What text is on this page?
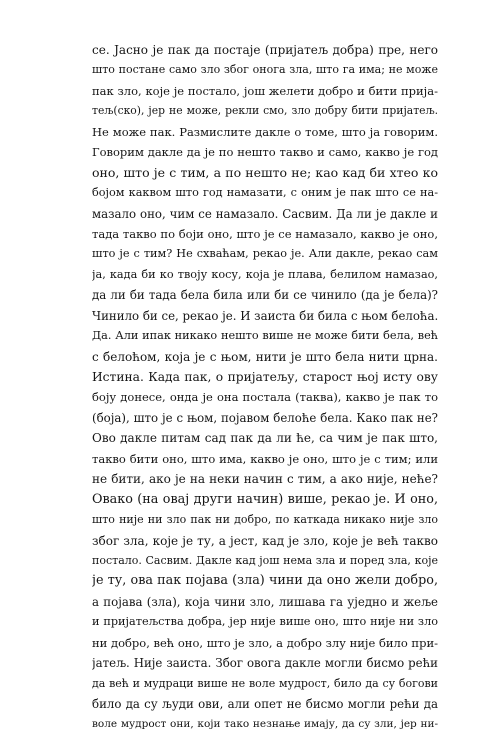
се. Јасно је пак да постаје (пријатељ добра) пре, него
што постане само зло због оногa зла, што га има; не може
пак зло, које је постало, још желети добро и бити прија-
тељ(ско), јер не може, рекли смо, зло добру бити пријатељ.
Не може пак. Размислите дакле о томе, што ја говорим.
Говорим дакле да је по нешто такво и само, какво је год
оно, што је с тим, а по нешто не; као кад би хтео ко
бојом каквом што год намазати, с оним је пак што се на-
мазало оно, чим се намазало. Сасвим. Да ли је дакле и
тада такво по боји оно, што је се намазало, какво је оно,
што је с тим? Не схваћам, рекао је. Али дакле, рекао сам
ја, када би ко твоју косу, која је плава, белилом намазао,
да ли би тада бела била или би се чинило (да је бела)?
Чинило би се, рекао је. И заиста би била с њом белоћа.
Да. Али ипак никако нешто више не може бити бела, већ
с белоћом, која је с њом, нити је што бела нити црна.
Истина. Када пак, о пријатељу, старост њој исту ову
боју донесе, онда је она постала (таква), какво је пак то
(боја), што је с њом, појавом белоће бела. Како пак не?
Ово дакле питам сад пак да ли ће, са чим је пак што,
такво бити оно, што има, какво је оно, што је с тим; или
не бити, ако је на неки начин с тим, а ако није, нећe?
Овако (на овај други начин) више, рекао је. И оно,
што није ни зло пак ни добро, по каткада никако није зло
због зла, које је ту, а јест, кад је зло, које је већ такво
постало. Сасвим. Дакле кад још нема зла и поред зла, које
је ту, ова пак појава (зла) чини да оно жели добро,
а појава (зла), која чини зло, лишава га уједно и жеље
и пријатељства добра, јер није више оно, што није ни зло
ни добро, већ оно, што је зло, а добро злу није било при-
јатељ. Није заиста. Због овога дакле могли бисмо рећи
да већ и мудраци више не воле мудрост, било да су богови
било да су људи ови, али опет не бисмо могли рећи да
воле мудрост они, који тако незнање имају, да су зли, јер ни-
